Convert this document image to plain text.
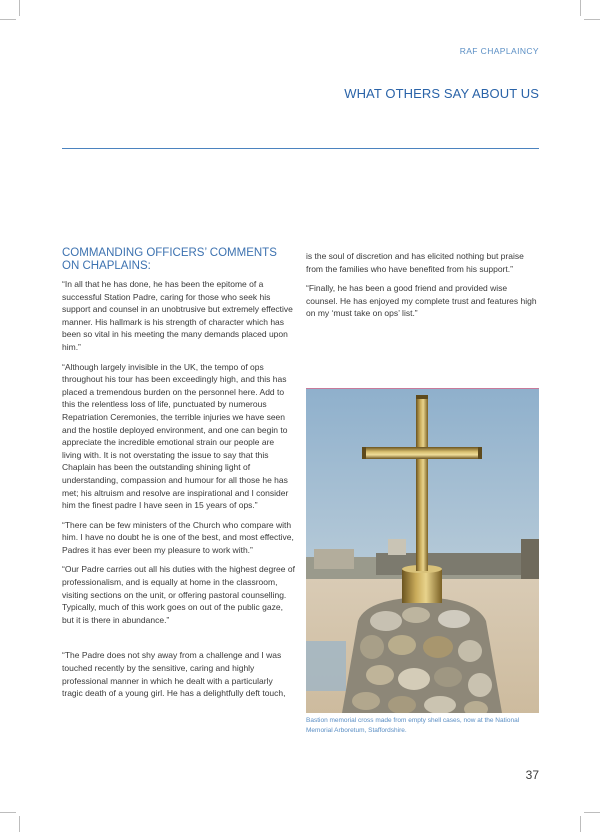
RAF CHAPLAINCY
WHAT OTHERS SAY ABOUT US
COMMANDING OFFICERS’ COMMENTS ON CHAPLAINS:

“In all that he has done, he has been the epitome of a successful Station Padre, caring for those who seek his support and counsel in an unobtrusive but extremely effective manner. His hallmark is his strength of character which has been so vital in his meeting the many demands placed upon him.”

“Although largely invisible in the UK, the tempo of ops throughout his tour has been exceedingly high, and this has placed a tremendous burden on the personnel here. Add to this the relentless loss of life, punctuated by numerous Repatriation Ceremonies, the terrible injuries we have seen and the hostile deployed environment, and one can begin to appreciate the incredible emotional strain our people are living with. It is not overstating the issue to say that this Chaplain has been the outstanding shining light of understanding, compassion and humour for all those he has met; his altruism and resolve are inspirational and I consider him the finest padre I have seen in 15 years of ops.”

“There can be few ministers of the Church who compare with him. I have no doubt he is one of the best, and most effective, Padres it has ever been my pleasure to work with.”

“Our Padre carries out all his duties with the highest degree of professionalism, and is equally at home in the classroom, visiting sections on the unit, or offering pastoral counselling. Typically, much of this work goes on out of the public gaze, but it is there in abundance.”

“The Padre does not shy away from a challenge and I was touched recently by the sensitive, caring and highly professional manner in which he dealt with a particularly tragic death of a young girl. He has a delightfully deft touch,

is the soul of discretion and has elicited nothing but praise from the families who have benefited from his support.”

“Finally, he has been a good friend and provided wise counsel. He has enjoyed my complete trust and features high on my ‘must take on ops’ list.”

Bastion memorial cross made from empty shell cases, now at the National Memorial Arboretum, Staffordshire.
37
